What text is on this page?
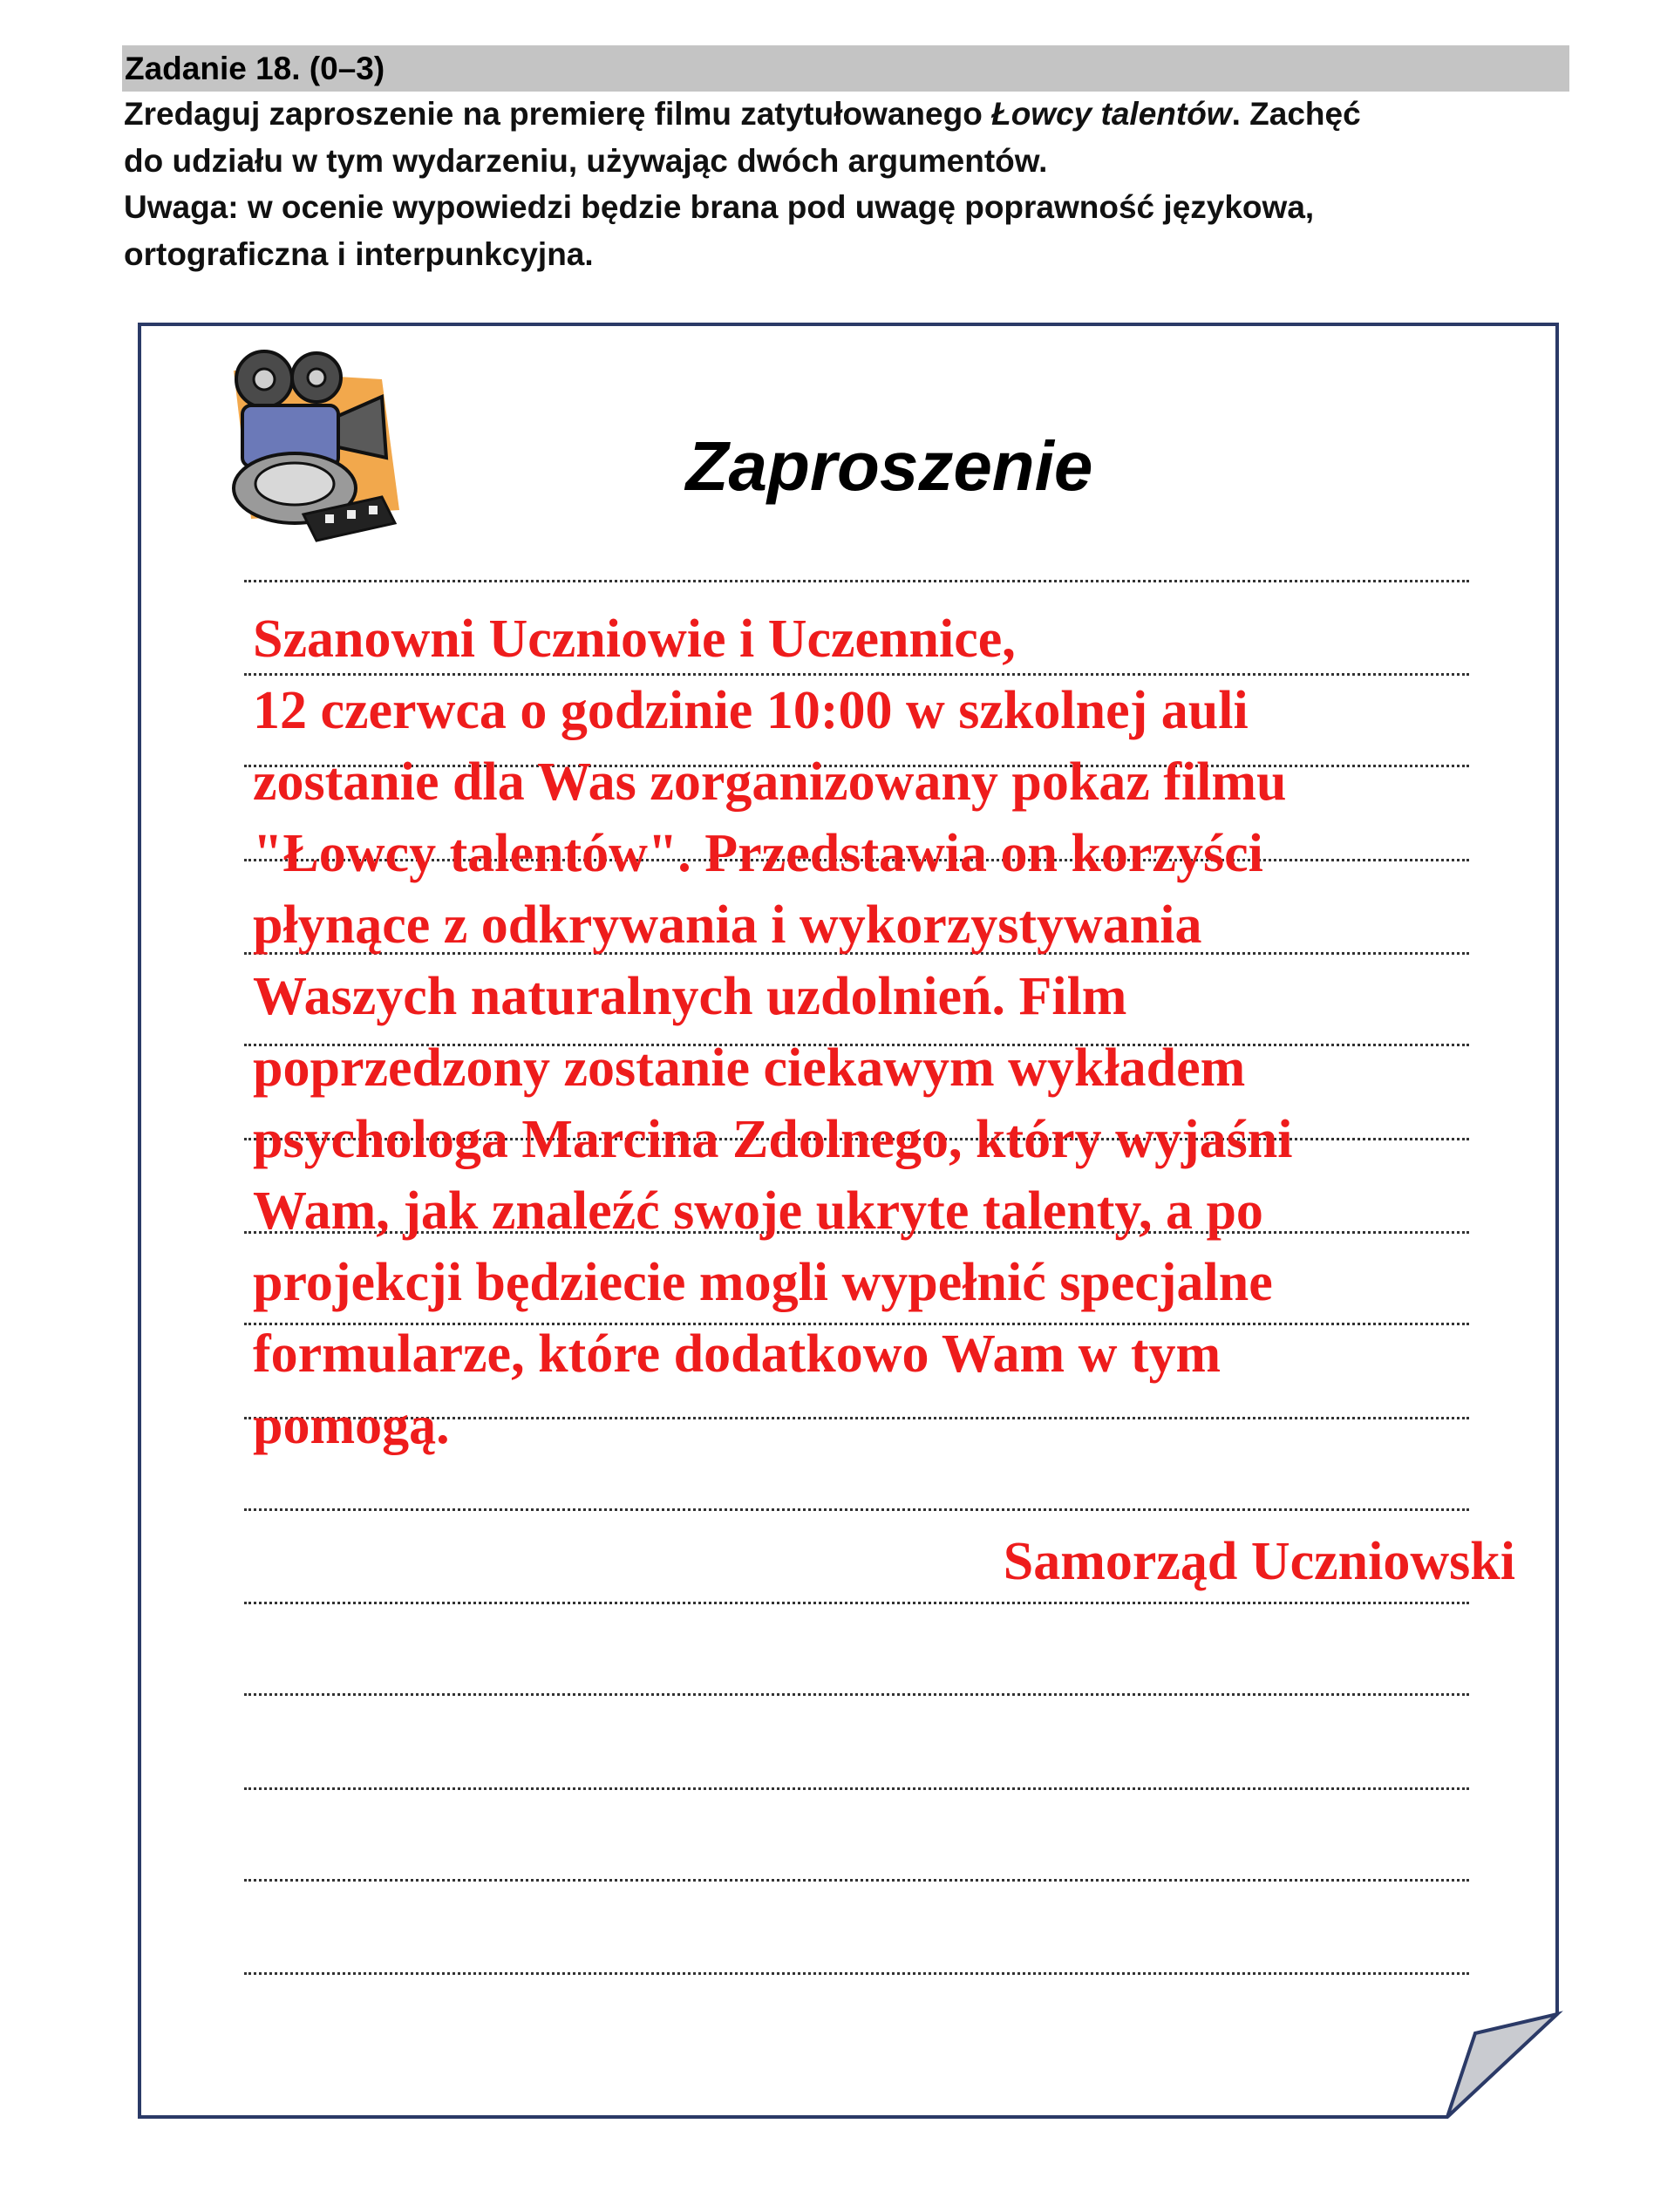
Zadanie 18. (0–3)

Zredaguj zaproszenie na premierę filmu zatytułowanego Łowcy talentów. Zachęć

do udziału w tym wydarzeniu, używając dwóch argumentów.

Uwaga: w ocenie wypowiedzi będzie brana pod uwagę poprawność językowa,

ortograficzna i interpunkcyjna.

Zaproszenie
Szanowni Uczniowie i Uczennice,
12 czerwca o godzinie 10:00 w szkolnej auli
zostanie dla Was zorganizowany pokaz filmu
"Łowcy talentów". Przedstawia on korzyści
płynące z odkrywania i wykorzystywania
Waszych naturalnych uzdolnień. Film
poprzedzony zostanie ciekawym wykładem
psychologa Marcina Zdolnego, który wyjaśni
Wam, jak znaleźć swoje ukryte talenty, a po
projekcji będziecie mogli wypełnić specjalne
formularze, które dodatkowo Wam w tym
pomogą.
Samorząd Uczniowski
